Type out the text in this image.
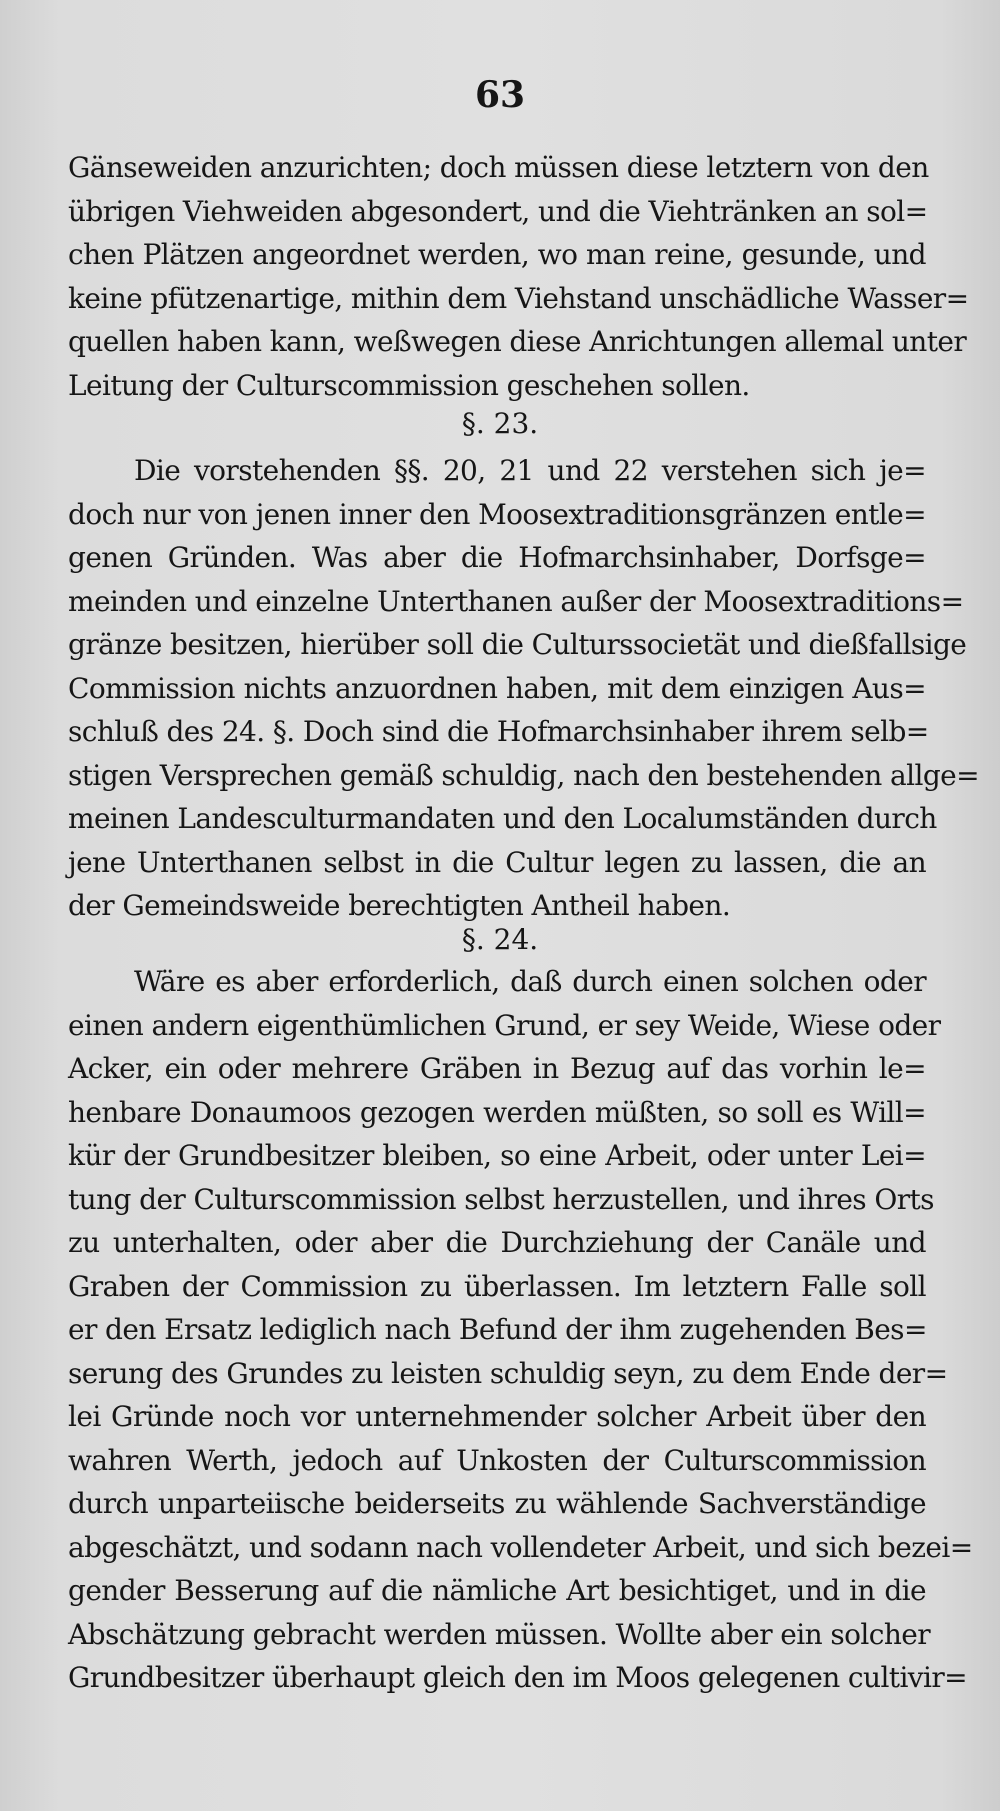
63
Gänseweiden anzurichten; doch müssen diese letztern von den
übrigen Viehweiden abgesondert, und die Viehtränken an sol=
chen Plätzen angeordnet werden, wo man reine, gesunde, und
keine pfützenartige, mithin dem Viehstand unschädliche Wasser=
quellen haben kann, weßwegen diese Anrichtungen allemal unter
Leitung der Culturscommission geschehen sollen.
§. 23.
Die vorstehenden §§. 20, 21 und 22 verstehen sich je=
doch nur von jenen inner den Moosextraditionsgränzen entle=
genen Gründen. Was aber die Hofmarchsinhaber, Dorfsge=
meinden und einzelne Unterthanen außer der Moosextraditions=
gränze besitzen, hierüber soll die Culturssocietät und dießfallsige
Commission nichts anzuordnen haben, mit dem einzigen Aus=
schluß des 24. §. Doch sind die Hofmarchsinhaber ihrem selb=
stigen Versprechen gemäß schuldig, nach den bestehenden allge=
meinen Landesculturmandaten und den Localumständen durch
jene Unterthanen selbst in die Cultur legen zu lassen, die an
der Gemeindsweide berechtigten Antheil haben.
§. 24.
Wäre es aber erforderlich, daß durch einen solchen oder
einen andern eigenthümlichen Grund, er sey Weide, Wiese oder
Acker, ein oder mehrere Gräben in Bezug auf das vorhin le=
henbare Donaumoos gezogen werden müßten, so soll es Will=
kür der Grundbesitzer bleiben, so eine Arbeit, oder unter Lei=
tung der Culturscommission selbst herzustellen, und ihres Orts
zu unterhalten, oder aber die Durchziehung der Canäle und
Graben der Commission zu überlassen. Im letztern Falle soll
er den Ersatz lediglich nach Befund der ihm zugehenden Bes=
serung des Grundes zu leisten schuldig seyn, zu dem Ende der=
lei Gründe noch vor unternehmender solcher Arbeit über den
wahren Werth, jedoch auf Unkosten der Culturscommission
durch unparteiische beiderseits zu wählende Sachverständige
abgeschätzt, und sodann nach vollendeter Arbeit, und sich bezei=
gender Besserung auf die nämliche Art besichtiget, und in die
Abschätzung gebracht werden müssen. Wollte aber ein solcher
Grundbesitzer überhaupt gleich den im Moos gelegenen cultivir=
